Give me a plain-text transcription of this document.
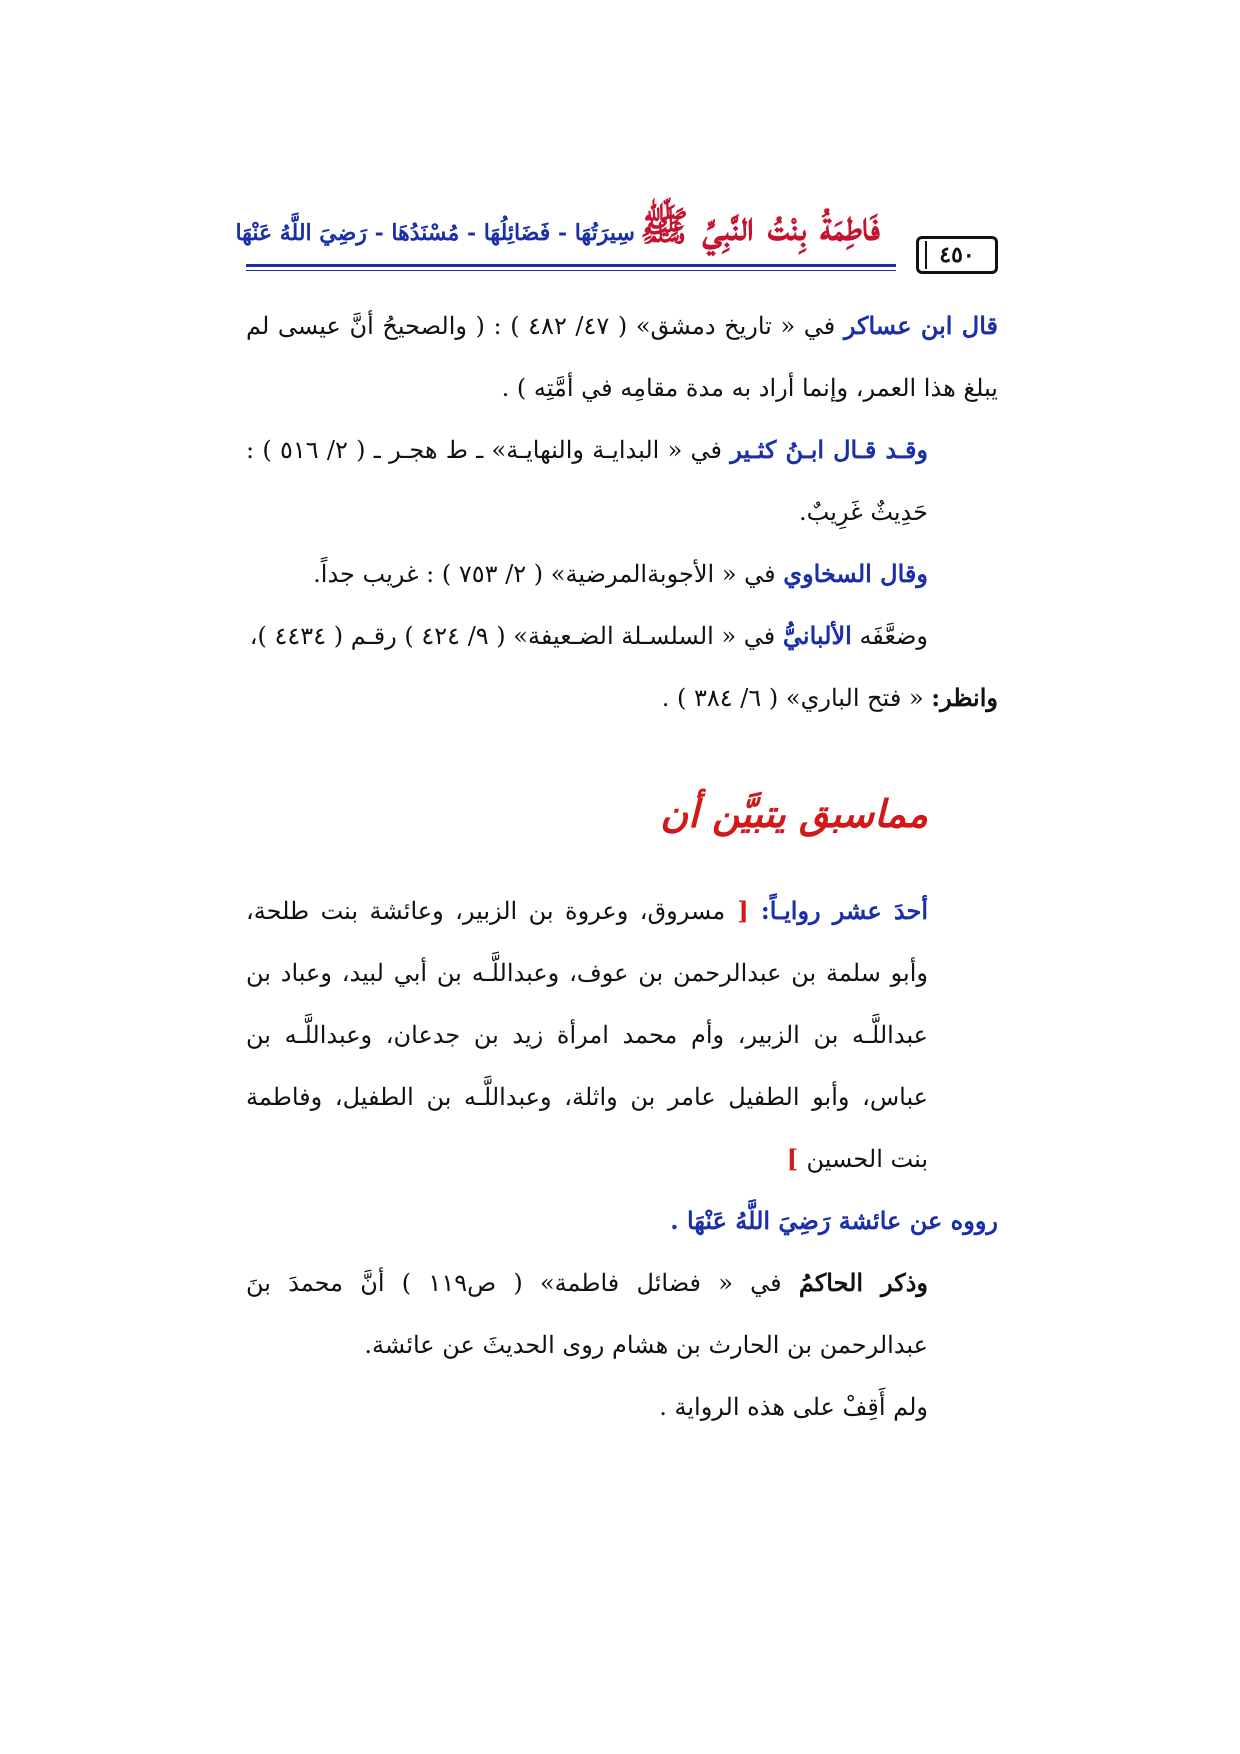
٤٥٠
فَاطِمَةُ بِنْتُ النَّبِيِّ ﷺ سِيرَتُهَا - فَضَائِلُهَا - مُسْنَدُهَا - رَضِيَ اللَّهُ عَنْهَا

قال ابن عساكر في « تاريخ دمشق» ( ٤٧/ ٤٨٢ ) : ( والصحيحُ أنَّ عيسى لم يبلغ هذا العمر، وإنما أراد به مدة مقامِه في أمَّتِه ) .

وقـد قـال ابـنُ كثـير في « البدايـة والنهايـة» ـ ط هجـر ـ ( ٢/ ٥١٦ ) : حَدِيثٌ غَرِيبٌ.

وقال السخاوي في « الأجوبةالمرضية» ( ٢/ ٧٥٣ ) : غريب جداً.

وضعَّفَه الألبانيُّ في « السلسـلة الضـعيفة» ( ٩/ ٤٢٤ ) رقـم ( ٤٤٣٤ )،

وانظر: « فتح الباري» ( ٦/ ٣٨٤ ) .

مماسبق يتبيَّن أن

أحدَ عشر روايـاً: [ مسروق، وعروة بن الزبير، وعائشة بنت طلحة، وأبو سلمة بن عبدالرحمن بن عوف، وعبداللَّـه بن أبي لبيد، وعباد بن عبداللَّـه بن الزبير، وأم محمد امرأة زيد بن جدعان، وعبداللَّـه بن عباس، وأبو الطفيل عامر بن واثلة، وعبداللَّـه بن الطفيل، وفاطمة بنت الحسين ]

رووه عن عائشة رَضِيَ اللَّهُ عَنْهَا .

وذكر الحاكمُ في « فضائل فاطمة» ( ص١١٩ ) أنَّ محمدَ بنَ عبدالرحمن بن الحارث بن هشام روى الحديثَ عن عائشة.

ولم أَقِفْ على هذه الرواية .
